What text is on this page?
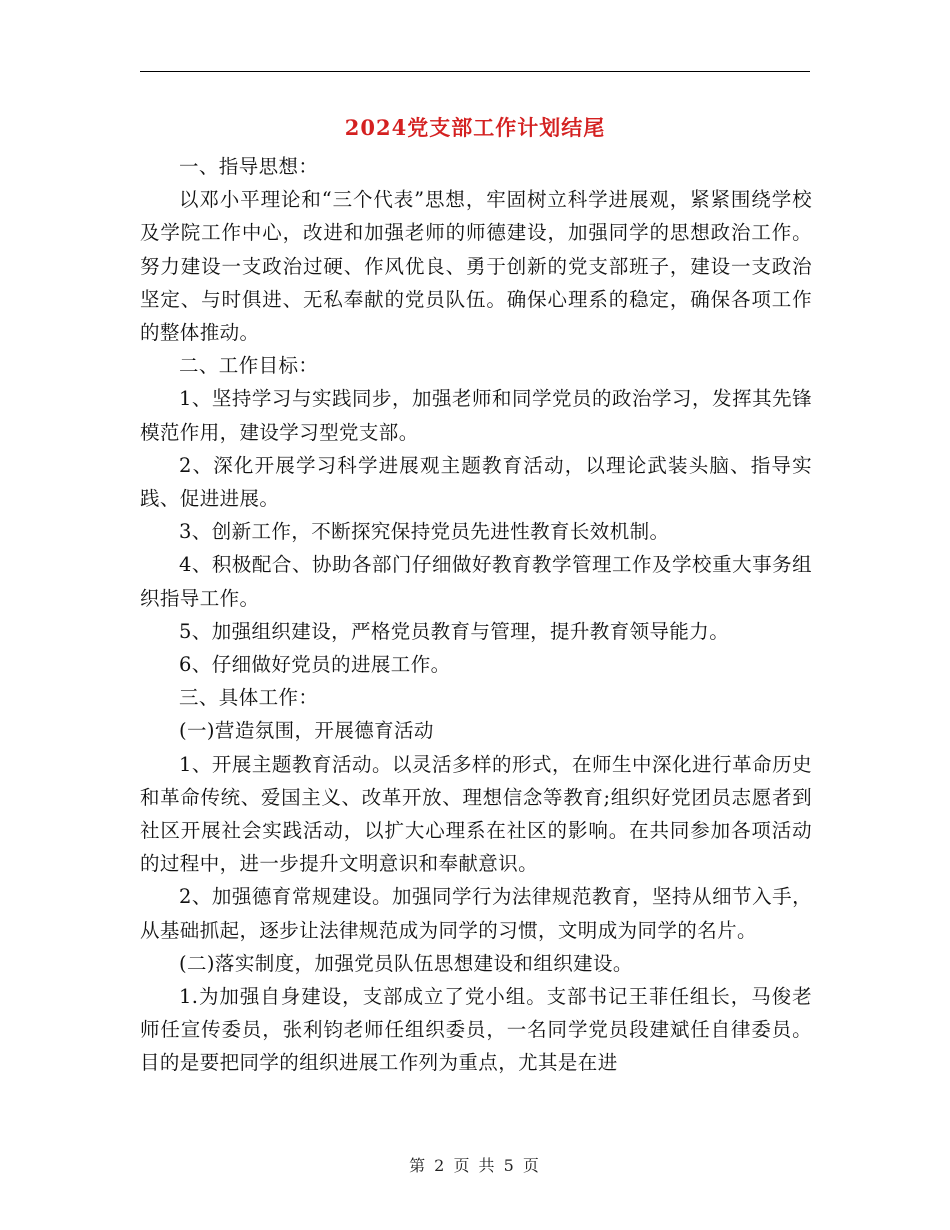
2024党支部工作计划结尾

一、指导思想：

以邓小平理论和“三个代表”思想，牢固树立科学进展观，紧紧围绕学校及学院工作中心，改进和加强老师的师德建设，加强同学的思想政治工作。努力建设一支政治过硬、作风优良、勇于创新的党支部班子，建设一支政治坚定、与时俱进、无私奉献的党员队伍。确保心理系的稳定，确保各项工作的整体推动。

二、工作目标：

1、坚持学习与实践同步，加强老师和同学党员的政治学习，发挥其先锋模范作用，建设学习型党支部。

2、深化开展学习科学进展观主题教育活动，以理论武装头脑、指导实践、促进进展。

3、创新工作，不断探究保持党员先进性教育长效机制。

4、积极配合、协助各部门仔细做好教育教学管理工作及学校重大事务组织指导工作。

5、加强组织建设，严格党员教育与管理，提升教育领导能力。

6、仔细做好党员的进展工作。

三、具体工作：

(一)营造氛围，开展德育活动

1、开展主题教育活动。以灵活多样的形式，在师生中深化进行革命历史和革命传统、爱国主义、改革开放、理想信念等教育;组织好党团员志愿者到社区开展社会实践活动，以扩大心理系在社区的影响。在共同参加各项活动的过程中，进一步提升文明意识和奉献意识。

2、加强德育常规建设。加强同学行为法律规范教育，坚持从细节入手，从基础抓起，逐步让法律规范成为同学的习惯，文明成为同学的名片。

(二)落实制度，加强党员队伍思想建设和组织建设。

1.为加强自身建设，支部成立了党小组。支部书记王菲任组长，马俊老师任宣传委员，张利钧老师任组织委员，一名同学党员段建斌任自律委员。目的是要把同学的组织进展工作列为重点，尤其是在进

第 2 页 共 5 页
